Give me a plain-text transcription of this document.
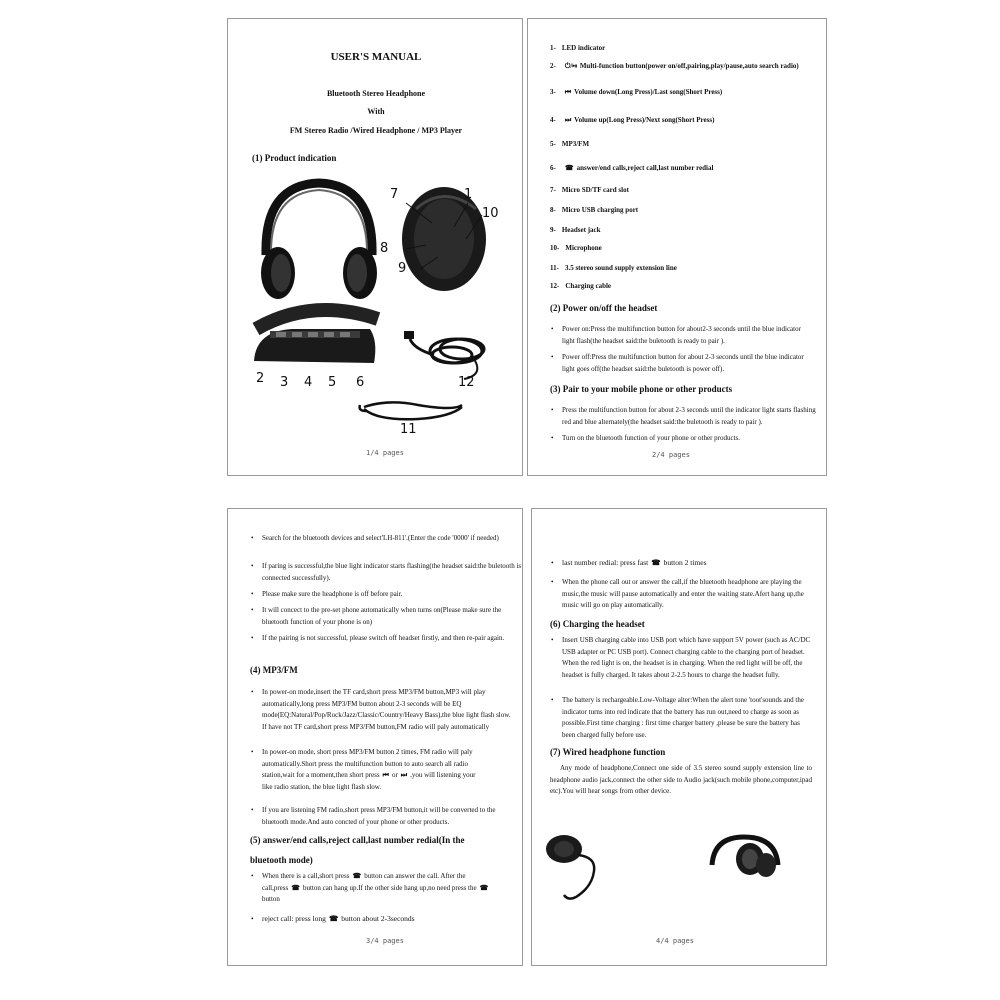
USER'S MANUAL
Bluetooth Stereo Headphone
With
FM Stereo Radio /Wired Headphone / MP3 Player
(1) Product indication
7	1
10
8
9
2 3 4 5 6	12
11
1/4 pages
1- LED indicator
2- ⏻/⏯ Multi-function button(power on/off,pairing,play/pause,auto search radio)
3- ⏮ Volume down(Long Press)/Last song(Short Press)
4- ⏭ Volume up(Long Press)/Next song(Short Press)
5- MP3/FM
6- ☎ answer/end calls,reject call,last number redial
7- Micro SD/TF card slot
8- Micro USB charging port
9- Headset jack
10- Microphone
11- 3.5 stereo sound supply extension line
12- Charging cable
(2) Power on/off the headset
• Power on:Press the multifunction button for about2-3 seconds until the blue indicator light flash(the headset said:the buletooth is ready to pair ).
• Power off:Press the multifunction button for about 2-3 seconds until the blue indicator light goes off(the headset said:the buletooth is power off).
(3) Pair to your mobile phone or other products
• Press the multifunction button for about 2-3 seconds until the indicator light starts flashing red and blue alternately(the headset said:the buletooth is ready to pair ).
• Turn on the bluetooth function of your phone or other products.
2/4 pages
• Search for the bluetooth devices and select'LH-811'.(Enter the code '0000' if needed)
• If paring is successful,the blue light indicator starts flashing(the headset said:the buletooth is connected successfully).
• Please make sure the headphone is off before pair.
• It will concect to the pre-set phone automatically when turns on(Please make sure the bluetooth function of your phone is on)
• If the pairing is not successful, please switch off headset firstly, and then re-pair again.
(4) MP3/FM
• In power-on mode,insert the TF card,short press MP3/FM button,MP3 will play automatically,long press MP3/FM button about 2-3 seconds will be EQ mode(EQ:Natural/Pop/Rock/Jazz/Classic/Country/Heavy Bass),the blue light flash slow.
If have not TF card,short press MP3/FM button,FM radio will paly automatically
• In power-on mode, short press MP3/FM button 2 times, FM radio will paly automatically.Short press the multifunction button to auto search all radio
station,wait for a moment,then short press ⏮ or ⏭ ,you will listening your
like radio station, the blue light flash slow.
• If you are listening FM radio,short press MP3/FM button,it will be converted to the bluetooth mode.And auto concted of your phone or other products.
(5) answer/end calls,reject call,last number redial(In the
bluetooth mode)
• When there is a call,short press ☎ button can answer the call. After the
call,press ☎ button can hang up.If the other side hang up,no need press the ☎
button
• reject call: press long ☎ button about 2-3seconds
3/4 pages
• last number redial: press fast ☎ button 2 times
• When the phone call out or answer the call,if the bluetooth headphone are playing the music,the music will pause automatically and enter the waiting state.Afert hang up,the music will go on play automatically.
(6) Charging the headset
• Insert USB charging cable into USB port which have support 5V power (such as AC/DC USB adapter or PC USB port). Connect charging cable to the charging port of headset. When the red light is on, the headset is in charging. When the red light will be off, the headset is fully charged. It takes about 2-2.5 hours to charge the headset fully.
• The battery is rechargeable.Low-Voltage alter:When the alert tone 'toot'sounds and the indicator turns into red indicate that the battery has run out,need to charge as soon as possible.First time charging : first time charger battery ,please be sure the battery has been charged fully before use.
(7) Wired headphone function
Any mode of headphone,Connect one side of 3.5 stereo sound supply extension line to headphone audio jack,connect the other side to Audio jack(such mobile phone,computer,ipad etc).You will hear songs from other device.
4/4 pages
